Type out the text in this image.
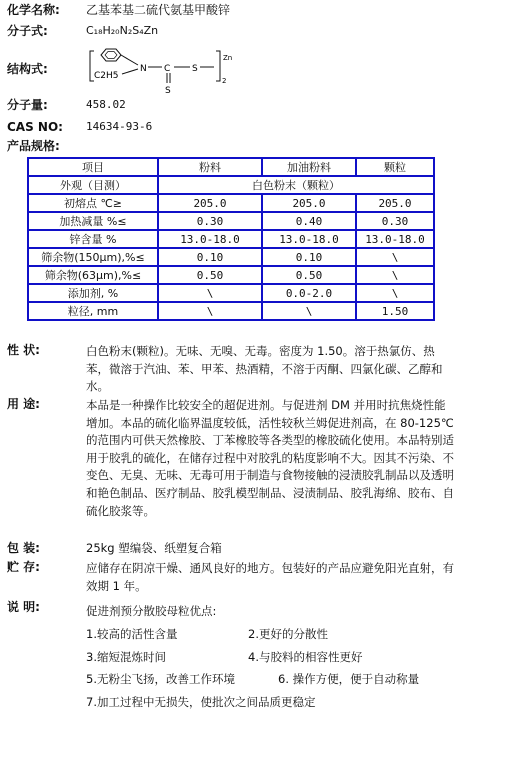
化学名称: 乙基苯基二硫代氨基甲酸锌
分子式:	C₁₈H₂₀N₂S₄Zn
结构式:	C2H5
N C
S
S
Zn
2
分子量:	458.02
CAS NO: 14634-93-6
产品规格:
项目	粉料	加油粉料	颗粒
外观（目测）	白色粉末（颗粒）		
初熔点 ℃≥	205.0	205.0	205.0
加热减量 %≤	0.30	0.40	0.30
锌含量 %	13.0-18.0	13.0-18.0	13.0-18.0
筛余物(150μm),%≤	0.10	0.10	\
筛余物(63μm),%≤	0.50	0.50	\
添加剂, %	\	0.0-2.0	\
粒径, mm	\	\	1.50
性 状:	白色粉末(颗粒)。无味、无嗅、无毒。密度为 1.50。溶于热氯仿、热苯，微溶于汽油、苯、甲苯、热酒精，不溶于丙酮、四氯化碳、乙醇和水。
用 途:	本品是一种操作比较安全的超促进剂。与促进剂 DM 并用时抗焦烧性能增加。本品的硫化临界温度较低，活性较秋兰姆促进剂高，在 80-125℃的范围内可供天然橡胶、丁苯橡胶等各类型的橡胶硫化使用。本品特别适用于胶乳的硫化，在储存过程中对胶乳的粘度影响不大。因其不污染、不变色、无臭、无味、无毒可用于制造与食物接触的浸渍胶乳制品以及透明和艳色制品、医疗制品、胶乳模型制品、浸渍制品、胶乳海绵、胶布、自硫化胶浆等。
包 装:	25kg 塑编袋、纸塑复合箱
贮 存:	应储存在阴凉干燥、通风良好的地方。包装好的产品应避免阳光直射，有效期 1 年。
说 明:	促进剂预分散胶母粒优点:
1.较高的活性含量	2.更好的分散性
3.缩短混炼时间	4.与胶料的相容性更好
5.无粉尘飞扬，改善工作环境	6. 操作方便，便于自动称量
7.加工过程中无损失，使批次之间品质更稳定
